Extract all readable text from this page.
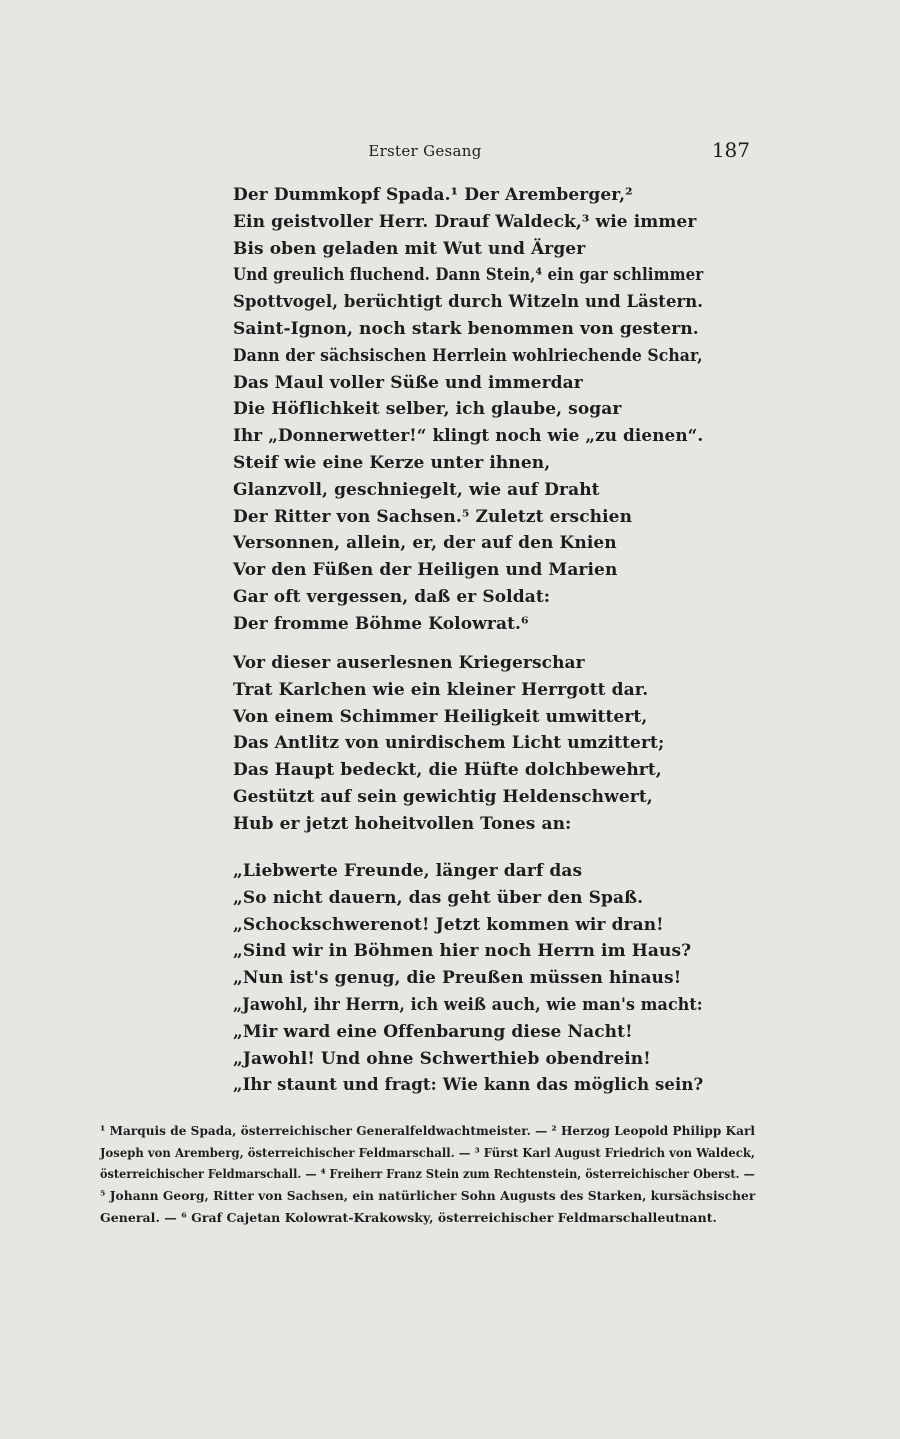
Erster Gesang	187
Der Dummkopf Spada.¹ Der Aremberger,²
Ein geistvoller Herr. Drauf Waldeck,³ wie immer
Bis oben geladen mit Wut und Ärger
Und greulich fluchend. Dann Stein,⁴ ein gar schlimmer
Spottvogel, berüchtigt durch Witzeln und Lästern.
Saint-Ignon, noch stark benommen von gestern.
Dann der sächsischen Herrlein wohlriechende Schar,
Das Maul voller Süße und immerdar
Die Höflichkeit selber, ich glaube, sogar
Ihr „Donnerwetter!“ klingt noch wie „zu dienen“.
Steif wie eine Kerze unter ihnen,
Glanzvoll, geschniegelt, wie auf Draht
Der Ritter von Sachsen.⁵ Zuletzt erschien
Versonnen, allein, er, der auf den Knien
Vor den Füßen der Heiligen und Marien
Gar oft vergessen, daß er Soldat:
Der fromme Böhme Kolowrat.⁶
Vor dieser auserlesnen Kriegerschar
Trat Karlchen wie ein kleiner Herrgott dar.
Von einem Schimmer Heiligkeit umwittert,
Das Antlitz von unirdischem Licht umzittert;
Das Haupt bedeckt, die Hüfte dolchbewehrt,
Gestützt auf sein gewichtig Heldenschwert,
Hub er jetzt hoheitvollen Tones an:
„Liebwerte Freunde, länger darf das
„So nicht dauern, das geht über den Spaß.
„Schockschwerenot! Jetzt kommen wir dran!
„Sind wir in Böhmen hier noch Herrn im Haus?
„Nun ist's genug, die Preußen müssen hinaus!
„Jawohl, ihr Herrn, ich weiß auch, wie man's macht:
„Mir ward eine Offenbarung diese Nacht!
„Jawohl! Und ohne Schwerthieb obendrein!
„Ihr staunt und fragt: Wie kann das möglich sein?
¹ Marquis de Spada, österreichischer Generalfeldwachtmeister. — ² Herzog Leopold Philipp Karl
Joseph von Aremberg, österreichischer Feldmarschall. — ³ Fürst Karl August Friedrich von Waldeck,
österreichischer Feldmarschall. — ⁴ Freiherr Franz Stein zum Rechtenstein, österreichischer Oberst. —
⁵ Johann Georg, Ritter von Sachsen, ein natürlicher Sohn Augusts des Starken, kursächsischer
General. — ⁶ Graf Cajetan Kolowrat-Krakowsky, österreichischer Feldmarschalleutnant.
